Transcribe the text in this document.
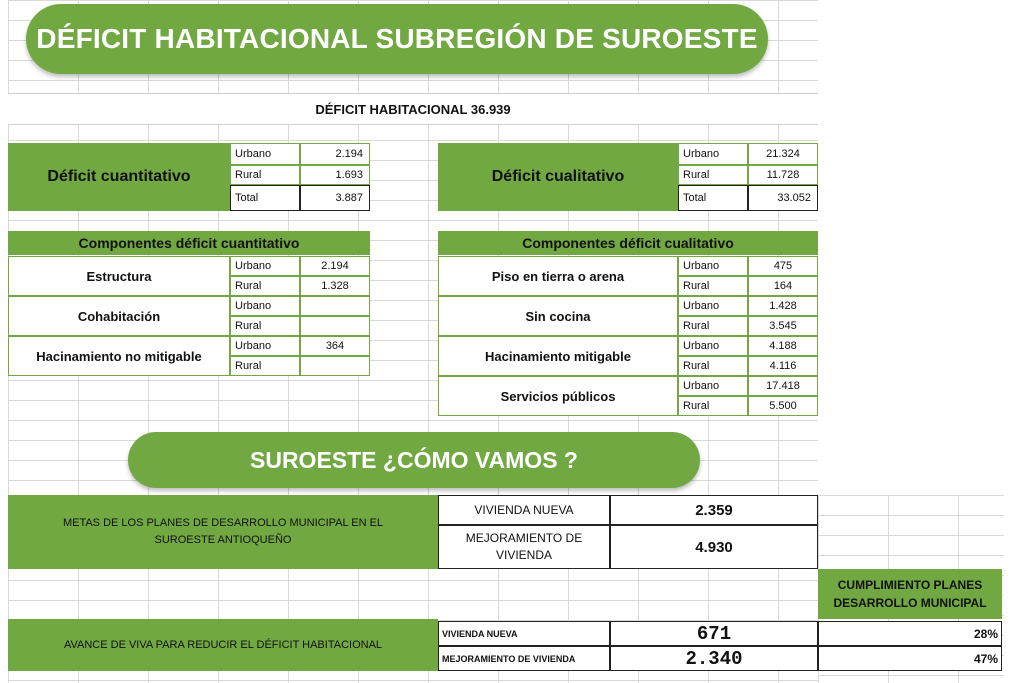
DÉFICIT HABITACIONAL SUBREGIÓN DE SUROESTE
DÉFICIT HABITACIONAL 36.939
Déficit cuantitativo
Urbano	2.194
Rural	1.693
Total	3.887
Déficit cualitativo
Urbano	21.324
Rural	11.728
Total	33.052
Componentes déficit cuantitativo
Estructura
Urbano	2.194
Rural	1.328
Cohabitación
Urbano
Rural
Hacinamiento no mitigable
Urbano	364
Rural
Componentes déficit cualitativo
Piso en tierra o arena
Urbano	475
Rural	164
Sin cocina
Urbano	1.428
Rural	3.545
Hacinamiento mitigable
Urbano	4.188
Rural	4.116
Servicios públicos
Urbano	17.418
Rural	5.500
SUROESTE ¿CÓMO VAMOS ?
METAS DE LOS PLANES DE DESARROLLO MUNICIPAL EN EL SUROESTE ANTIOQUEÑO
VIVIENDA NUEVA	2.359
MEJORAMIENTO DE VIVIENDA	4.930
CUMPLIMIENTO PLANES DESARROLLO MUNICIPAL
AVANCE DE VIVA PARA REDUCIR EL DÉFICIT HABITACIONAL
VIVIENDA NUEVA	671	28%
MEJORAMIENTO DE VIVIENDA	2.340	47%
